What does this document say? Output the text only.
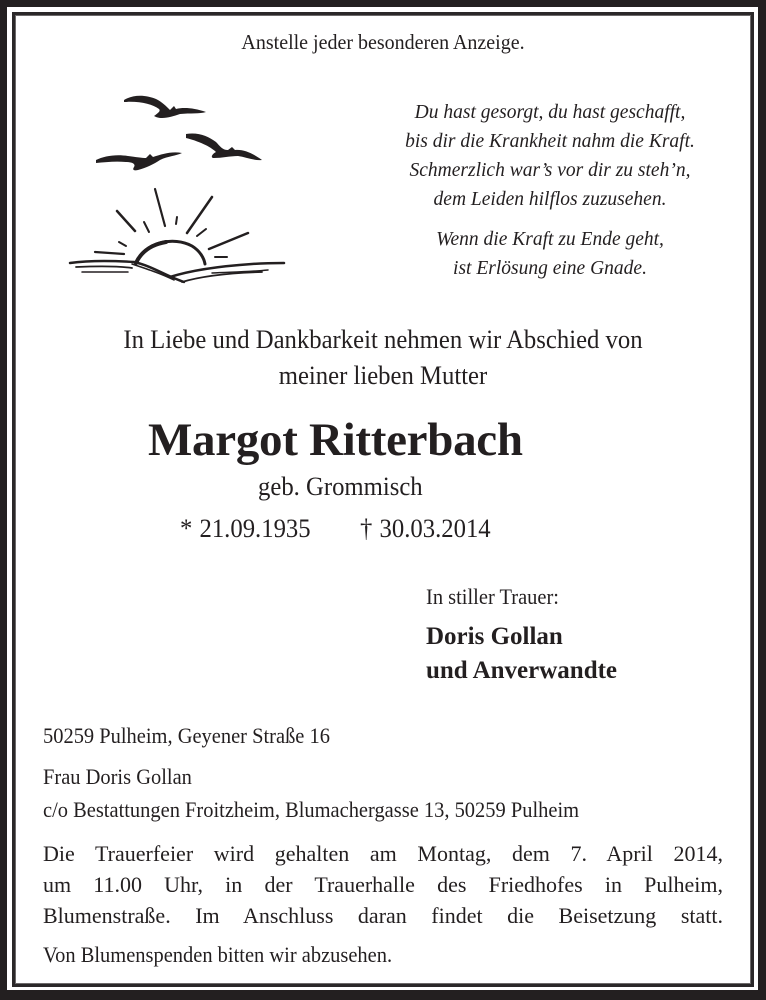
Anstelle jeder besonderen Anzeige.
Du hast gesorgt, du hast geschafft,
bis dir die Krankheit nahm die Kraft.
Schmerzlich war’s vor dir zu steh’n,
dem Leiden hilflos zuzusehen.
Wenn die Kraft zu Ende geht,
ist Erlösung eine Gnade.
In Liebe und Dankbarkeit nehmen wir Abschied von
meiner lieben Mutter
Margot Ritterbach
geb. Grommisch
* 21.09.1935 † 30.03.2014
In stiller Trauer:
Doris Gollan
und Anverwandte
50259 Pulheim, Geyener Straße 16
Frau Doris Gollan
c/o Bestattungen Froitzheim, Blumachergasse 13, 50259 Pulheim
Die Trauerfeier wird gehalten am Montag, dem 7. April 2014,
um 11.00 Uhr, in der Trauerhalle des Friedhofes in Pulheim,
Blumenstraße. Im Anschluss daran findet die Beisetzung statt.
Von Blumenspenden bitten wir abzusehen.
